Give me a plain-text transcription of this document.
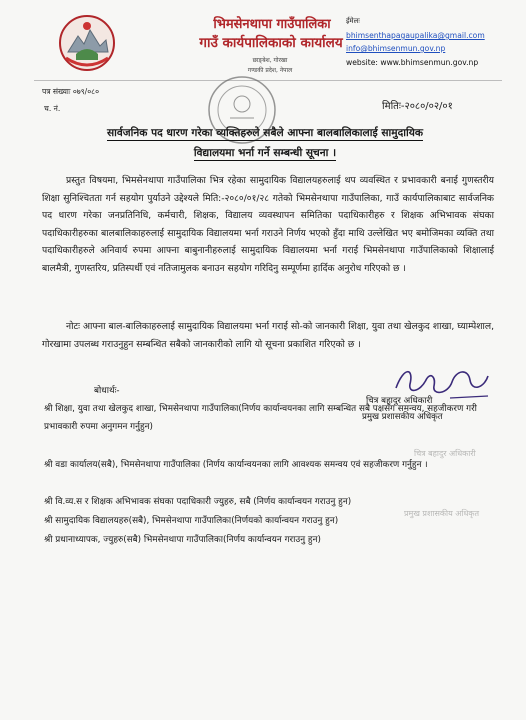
भिमसेनथापा गाउँपालिका
गाउँ कार्यपालिकाको कार्यालय
छाङ्बेश, गोरखा
गण्डकी प्रदेश, नेपाल
ईमेलः
bhimsenthapagaupalika@gmail.com
info@bhimsenmun.gov.np
website: www.bhimsenmun.gov.np
पत्र संख्याः ०७९/०८०
च. नं.	मितिः-२०८०/०२/०१
सार्वजनिक पद धारण गरेका व्यक्तिहरुले सबैले आफ्ना बालबालिकालाई सामुदायिक
विद्यालयमा भर्ना गर्ने सम्बन्धी सूचना ।
प्रस्तुत विषयमा, भिमसेनथापा गाउँपालिका भित्र रहेका सामुदायिक विद्यालयहरुलाई थप व्यवस्थित र प्रभावकारी बनाई गुणस्तरीय शिक्षा सुनिश्चितता गर्न सहयोग पुर्याउने उद्देश्यले मिति:-२०८०/०१/२८ गतेको भिमसेनथापा गाउँपालिका, गाउँ कार्यपालिकाबाट सार्वजनिक पद धारण गरेका जनप्रतिनिधि, कर्मचारी, शिक्षक, विद्यालय व्यवस्थापन समितिका पदाधिकारीहरु र शिक्षक अभिभावक संघका पदाधिकारीहरुका बालबालिकाहरुलाई सामुदायिक विद्यालयमा भर्ना गराउने निर्णय भएको हुँदा माथि उल्लेखित भए बमोजिमका व्यक्ति तथा पदाधिकारीहरुले अनिवार्य रुपमा आफ्ना बाबुनानीहरुलाई सामुदायिक विद्यालयमा भर्ना गराई भिमसेनथापा गाउँपालिकाको शिक्षालाई बालमैत्री, गुणस्तरिय, प्रतिस्पर्धी एवं नतिजामुलक बनाउन सहयोग गरिदिनु सम्पूर्णमा हार्दिक अनुरोध गरिएको छ ।
नोटः आफ्ना बाल-बालिकाहरुलाई सामुदायिक विद्यालयमा भर्ना गराई सो-को जानकारी शिक्षा, युवा तथा खेलकुद शाखा, घ्याम्पेशाल, गोरखामा उपलब्ध गराउनुहुन सम्बन्धित सबैको जानकारीको लागि यो सूचना प्रकाशित गरिएको छ ।
चित्र बहादुर अधिकारी
प्रमुख प्रशासकीय अधिकृत
बोधार्थः-
श्री शिक्षा, युवा तथा खेलकुद शाखा, भिमसेनथापा गाउँपालिका(निर्णय कार्यान्वयनका लागि सम्बन्धित सबै पक्षसँग समन्वय, सहजीकरण गरी प्रभावकारी रुपमा अनुगमन गर्नुहुन)
श्री वडा कार्यालय(सबै), भिमसेनथापा गाउँपालिका (निर्णय कार्यान्वयनका लागि आवश्यक समन्वय एवं सहजीकरण गर्नुहुन ।
श्री वि.व्य.स र शिक्षक अभिभावक संघका पदाधिकारी ज्युहरु, सबै (निर्णय कार्यान्वयन गराउनु हुन)
श्री सामुदायिक विद्यालयहरु(सबै), भिमसेनथापा गाउँपालिका(निर्णयको कार्यान्वयन गराउनु हुन)
श्री प्रधानाध्यापक, ज्युहरु(सबै) भिमसेनथापा गाउँपालिका(निर्णय कार्यान्वयन गराउनु हुन)
चित्र बहादुर अधिकारी
प्रमुख प्रशासकीय अधिकृत
